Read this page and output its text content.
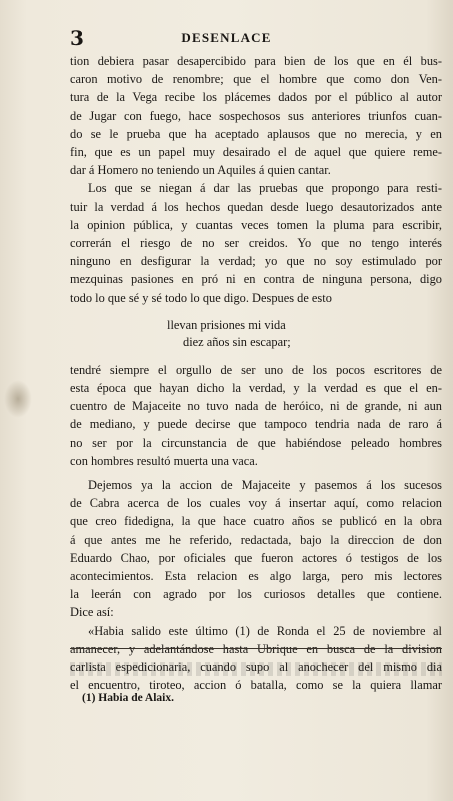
3	DESENLACE

tion debiera pasar desapercibido para bien de los que en él bus-
caron motivo de renombre; que el hombre que como don Ven-
tura de la Vega recibe los plácemes dados por el público al autor
de Jugar con fuego, hace sospechosos sus anteriores triunfos cuan-
do se le prueba que ha aceptado aplausos que no merecia, y en
fin, que es un papel muy desairado el de aquel que quiere reme-
dar á Homero no teniendo un Aquiles á quien cantar.

Los que se niegan á dar las pruebas que propongo para resti-
tuir la verdad á los hechos quedan desde luego desautorizados ante
la opinion pública, y cuantas veces tomen la pluma para escribir,
correrán el riesgo de no ser creidos. Yo que no tengo interés
ninguno en desfigurar la verdad; yo que no soy estimulado por
mezquinas pasiones en pró ni en contra de ninguna persona, digo
todo lo que sé y sé todo lo que digo. Despues de esto

llevan prisiones mi vida
diez años sin escapar;

tendré siempre el orgullo de ser uno de los pocos escritores de
esta época que hayan dicho la verdad, y la verdad es que el en-
cuentro de Majaceite no tuvo nada de heróico, ni de grande, ni aun
de mediano, y puede decirse que tampoco tendria nada de raro á
no ser por la circunstancia de que habiéndose peleado hombres
con hombres resultó muerta una vaca.

Dejemos ya la accion de Majaceite y pasemos á los sucesos
de Cabra acerca de los cuales voy á insertar aquí, como relacion
que creo fidedigna, la que hace cuatro años se publicó en la obra
á que antes me he referido, redactada, bajo la direccion de don
Eduardo Chao, por oficiales que fueron actores ó testigos de los
acontecimientos. Esta relacion es algo larga, pero mis lectores
la leerán con agrado por los curiosos detalles que contiene.
Dice así:

«Habia salido este último (1) de Ronda el 25 de noviembre al
carlista espedicionaria, cuando supo al anochecer del mismo dia
el encuentro, tiroteo, accion ó batalla, como se la quiera llamar

(1) Habia de Alaix.
